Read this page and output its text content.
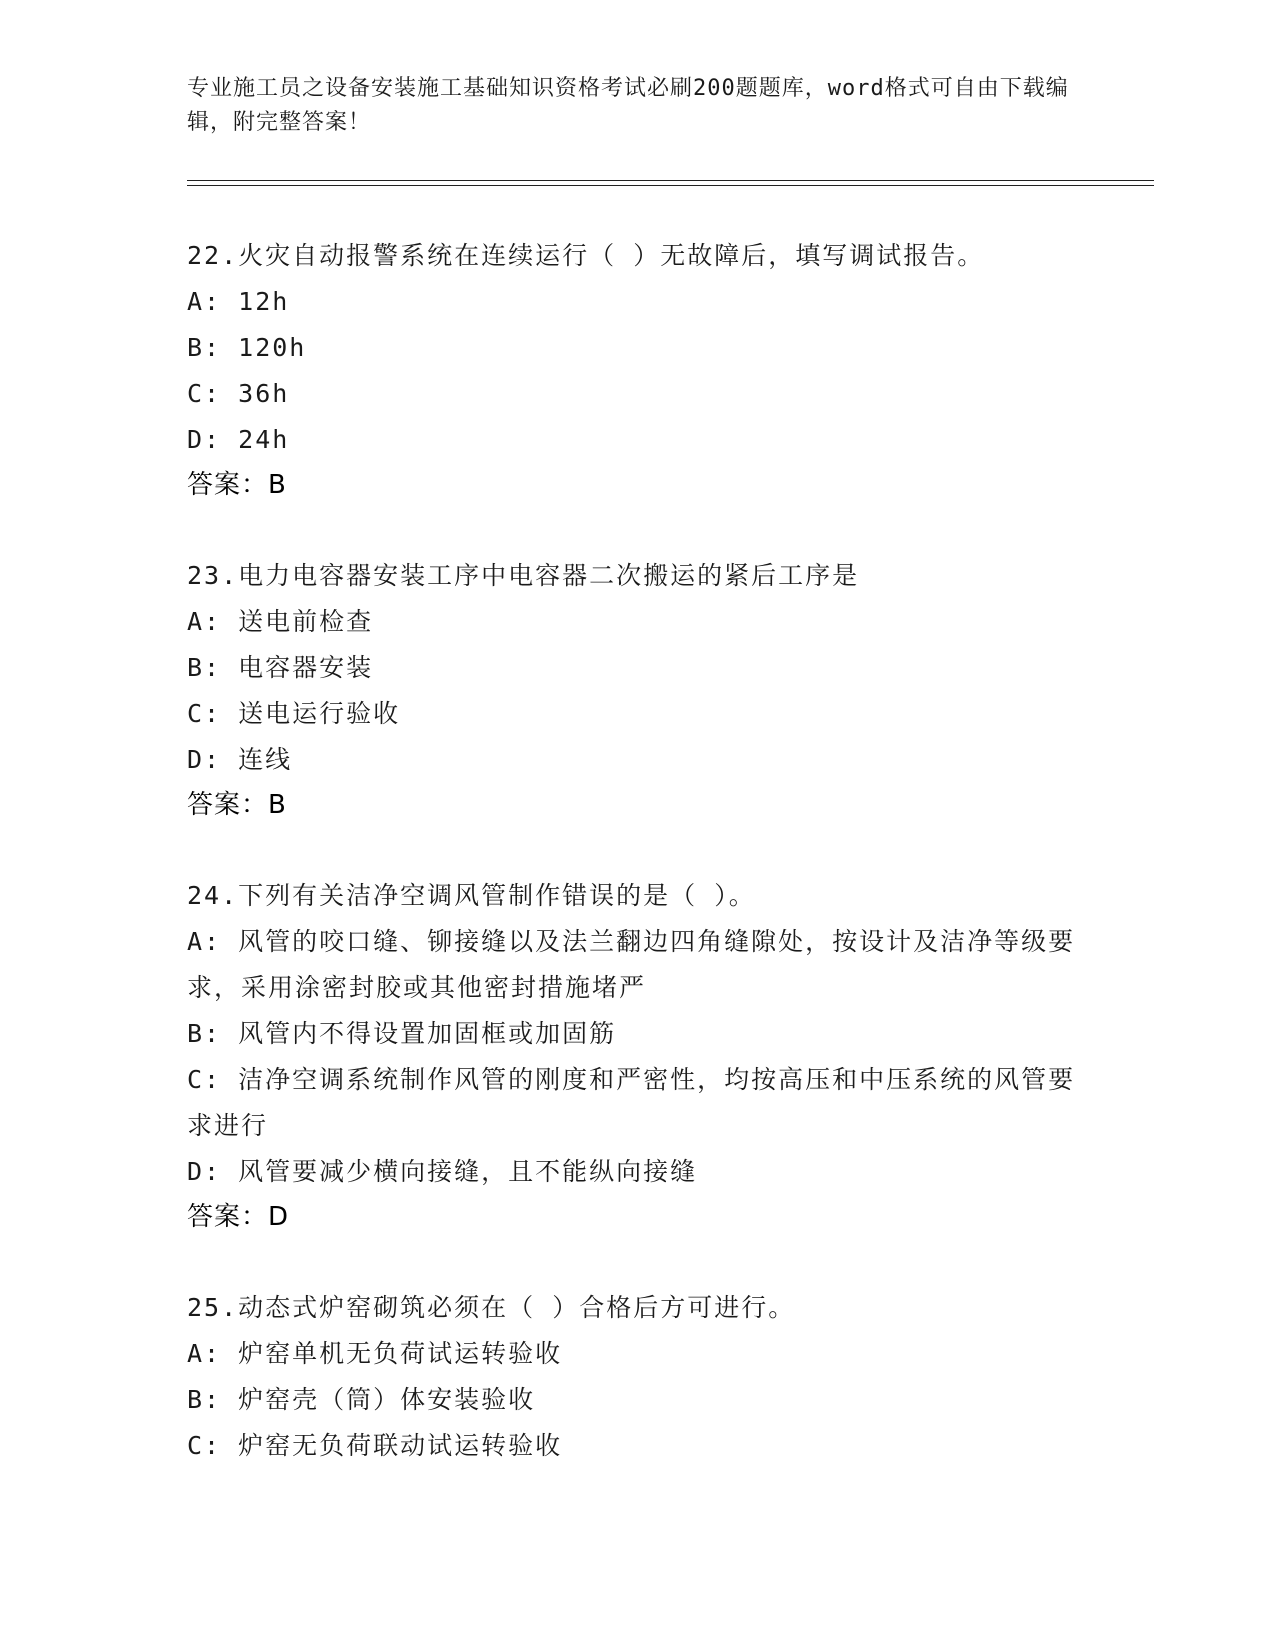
专业施工员之设备安装施工基础知识资格考试必刷200题题库，word格式可自由下载编辑，附完整答案！
22.火灾自动报警系统在连续运行（ ）无故障后，填写调试报告。
A: 12h
B: 120h
C: 36h
D: 24h
答案：B
23.电力电容器安装工序中电容器二次搬运的紧后工序是
A: 送电前检查
B: 电容器安装
C: 送电运行验收
D: 连线
答案：B
24.下列有关洁净空调风管制作错误的是（ ）。
A: 风管的咬口缝、铆接缝以及法兰翻边四角缝隙处，按设计及洁净等级要求，采用涂密封胶或其他密封措施堵严
B: 风管内不得设置加固框或加固筋
C: 洁净空调系统制作风管的刚度和严密性，均按高压和中压系统的风管要求进行
D: 风管要减少横向接缝，且不能纵向接缝
答案：D
25.动态式炉窑砌筑必须在（ ）合格后方可进行。
A: 炉窑单机无负荷试运转验收
B: 炉窑壳（筒）体安装验收
C: 炉窑无负荷联动试运转验收
